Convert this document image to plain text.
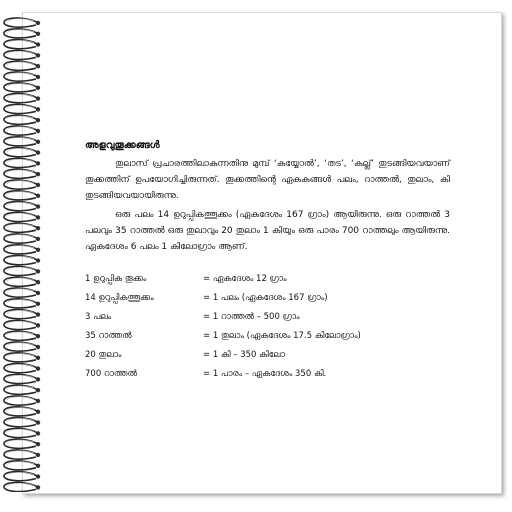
അളവുതൂക്കങ്ങൾ

തുലാസ് പ്രചാരത്തിലാകുന്നതിനു മുമ്പ് ‘കയ്യോൽ’, ‘തട’, ‘കല്ല്’ തുടങ്ങിയവയാണ് തൂക്കത്തിന് ഉപയോഗിച്ചിരുന്നത്. തൂക്കത്തിന്റെ ഏകകങ്ങൾ പലം, റാത്തൽ, തുലാം, കി തുടങ്ങിയവയായിരുന്നു.

ഒരു പലം 14 ഉറുപ്പികത്തൂക്കം (ഏകദേശം 167 ഗ്രാം) ആയിരുന്നു. ഒരു റാത്തൽ 3 പലവും 35 റാത്തൽ ഒരു തുലാവും 20 തുലാം 1 കിയും ഒരു പാരം 700 റാത്തലും ആയിരുന്നു. ഏകദേശം 6 പലം 1 കിലോഗ്രാം ആണ്.

1 ഉറുപ്പിക തൂക്കം	= ഏകദേശം 12 ഗ്രാം
14 ഉറുപ്പികത്തൂക്കം	= 1 പലം (ഏകദേശം 167 ഗ്രാം)
3 പലം	= 1 റാത്തൽ – 500 ഗ്രാം
35 റാത്തൽ	= 1 തുലാം (ഏകദേശം 17.5 കിലോഗ്രാം)
20 തുലാം	= 1 കി – 350 കിലോ
700 റാത്തൽ	= 1 പാരം – ഏകദേശം 350 കി.
